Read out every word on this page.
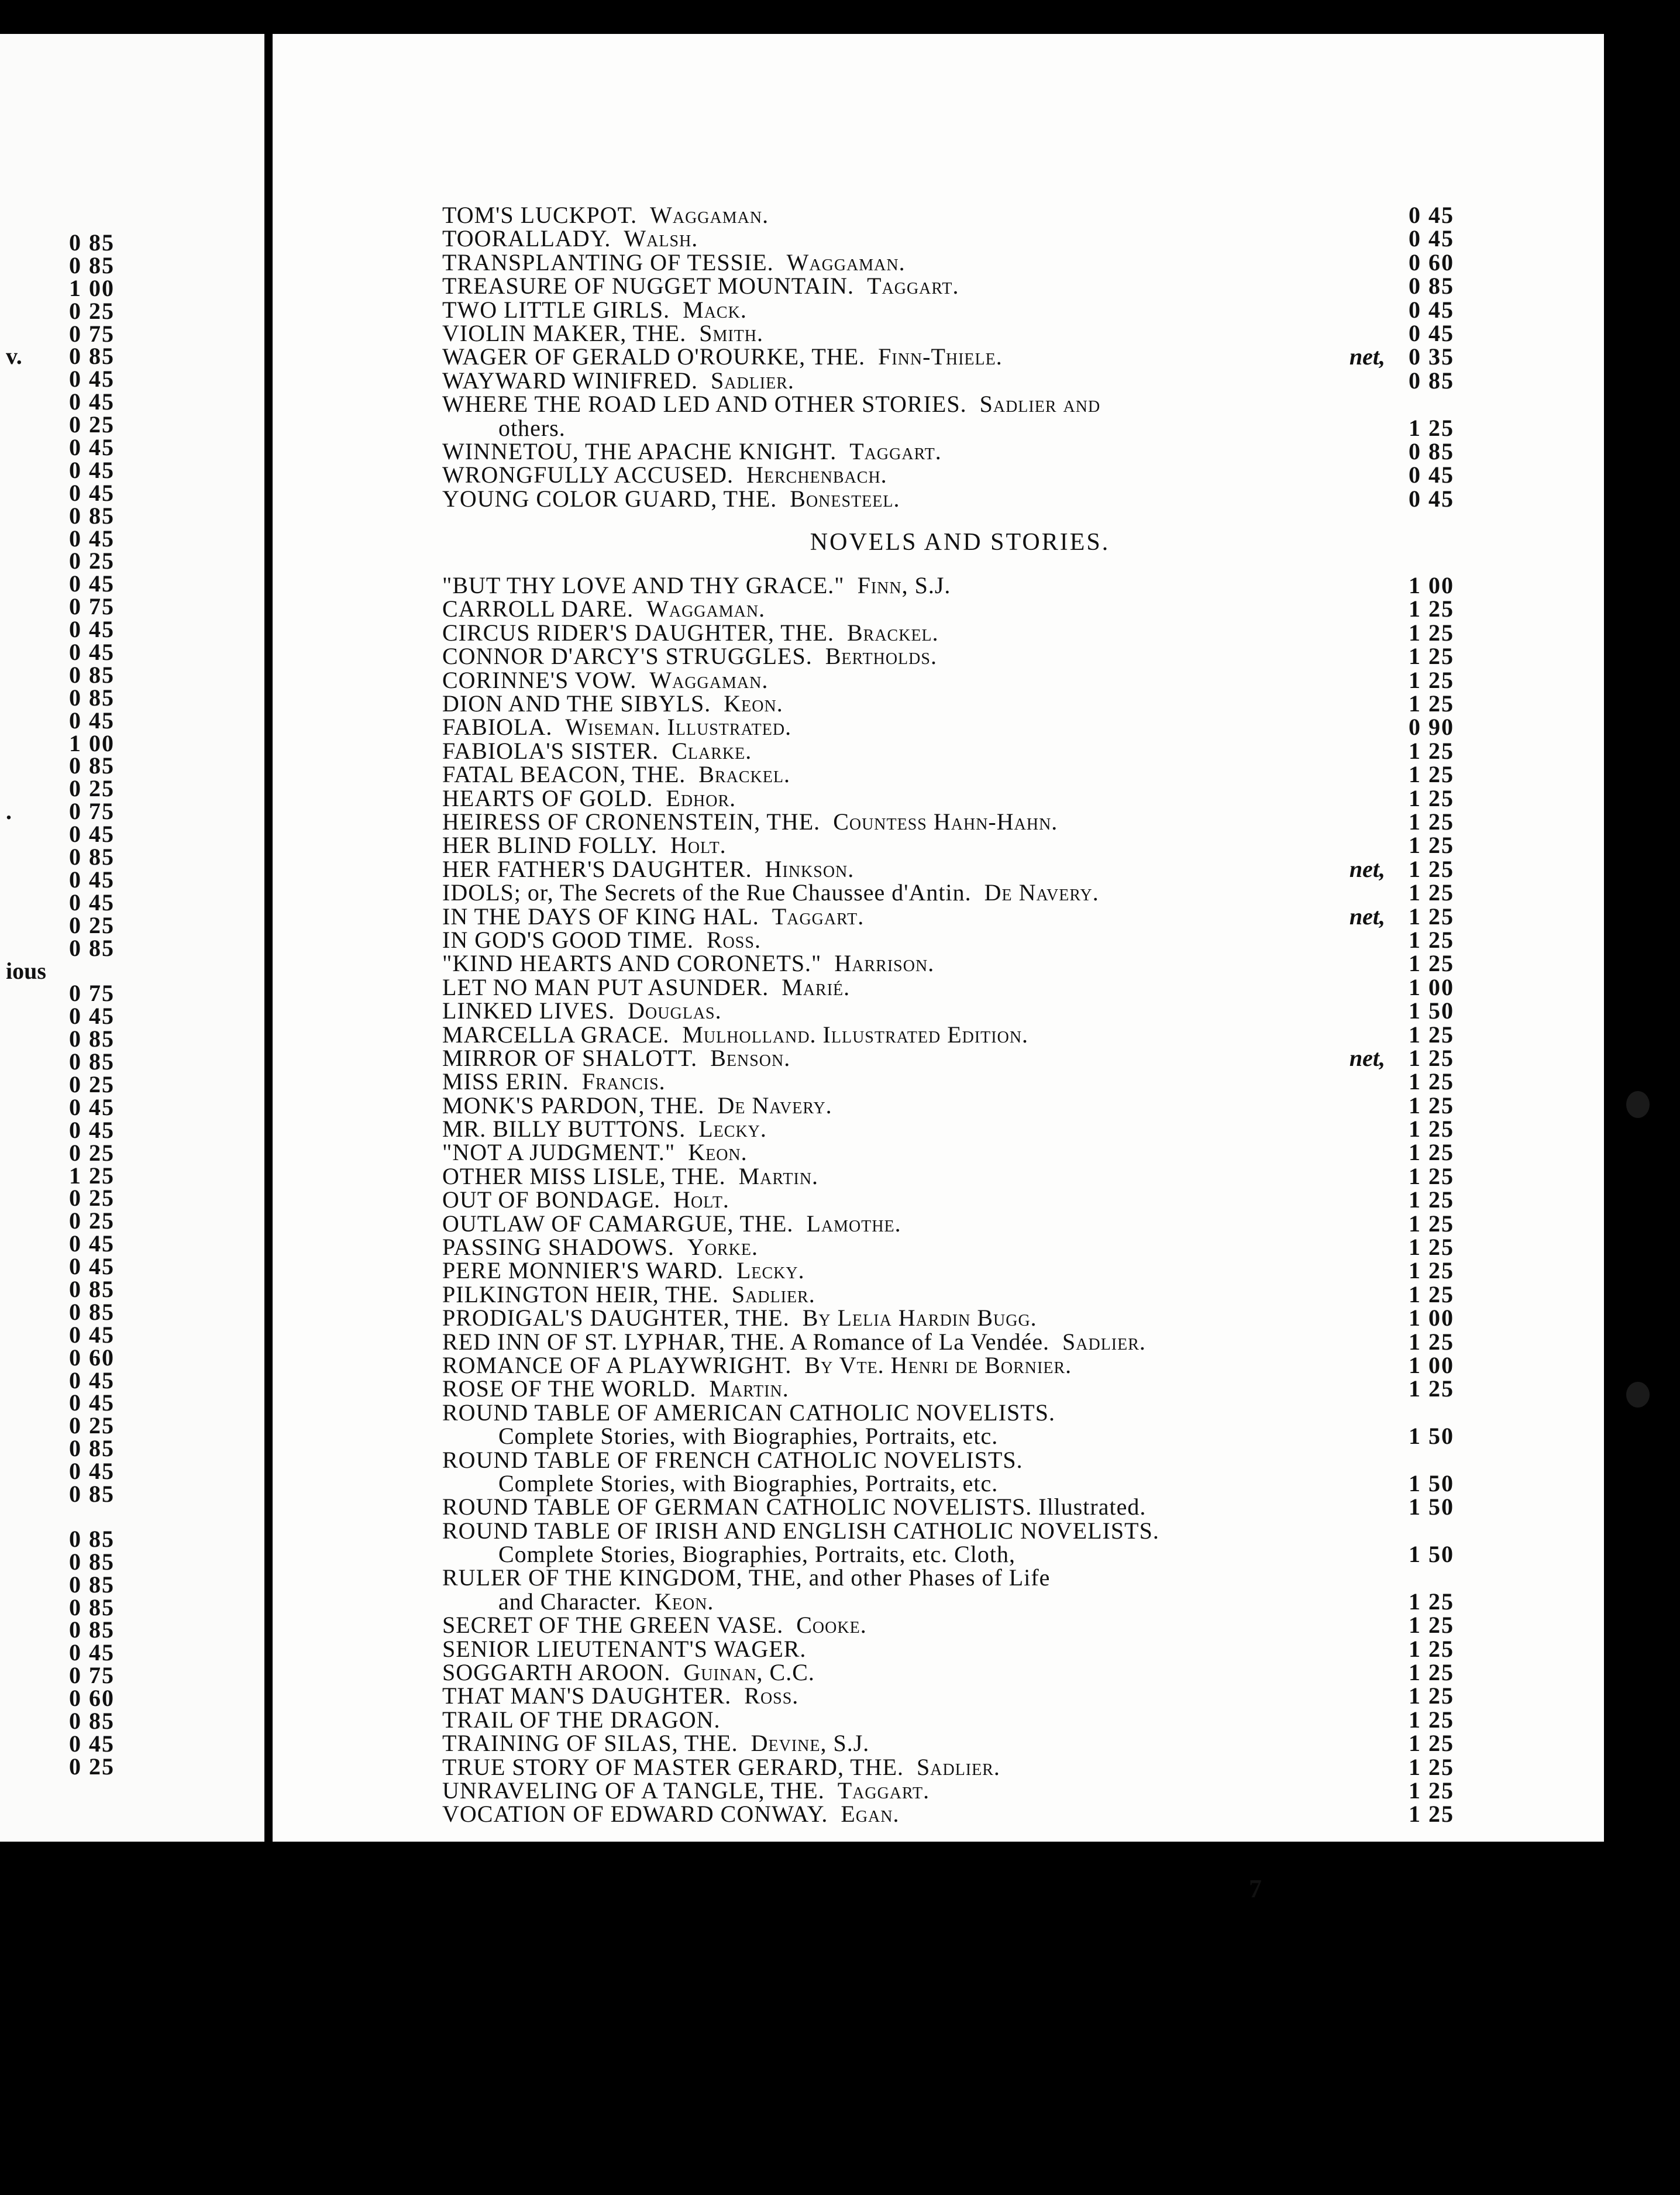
0 85
0 85
1 00
0 25
0 75
v. 0 85
0 45
0 45
0 25
0 45
0 45
0 45
0 85
0 45
0 25
0 45
0 75
0 45
0 45
0 85
0 85
0 45
1 00
0 85
0 25
. 0 75
0 45
0 85
0 45
0 45
0 25
0 85
ious
0 75
0 45
0 85
0 85
0 25
0 45
0 45
0 25
1 25
0 25
0 25
0 45
0 45
0 85
0 85
0 45
0 60
0 45
0 45
0 25
0 85
0 45
0 85
0 85
0 85
0 85
0 85
0 85
0 45
0 75
0 60
0 85
0 45
0 25
TOM'S LUCKPOT. Waggaman.	0 45
TOORALLADY. Walsh.	0 45
TRANSPLANTING OF TESSIE. Waggaman.	0 60
TREASURE OF NUGGET MOUNTAIN. Taggart.	0 85
TWO LITTLE GIRLS. Mack.	0 45
VIOLIN MAKER, THE. Smith.	0 45
WAGER OF GERALD O'ROURKE, THE. Finn-Thiele.	net, 0 35
WAYWARD WINIFRED. Sadlier.	0 85
WHERE THE ROAD LED AND OTHER STORIES. Sadlier and
others.	1 25
WINNETOU, THE APACHE KNIGHT. Taggart.	0 85
WRONGFULLY ACCUSED. Herchenbach.	0 45
YOUNG COLOR GUARD, THE. Bonesteel.	0 45
NOVELS AND STORIES.
"BUT THY LOVE AND THY GRACE." Finn, S.J.	1 00
CARROLL DARE. Waggaman.	1 25
CIRCUS RIDER'S DAUGHTER, THE. Brackel.	1 25
CONNOR D'ARCY'S STRUGGLES. Bertholds.	1 25
CORINNE'S VOW. Waggaman.	1 25
DION AND THE SIBYLS. Keon.	1 25
FABIOLA. Wiseman. Illustrated.	0 90
FABIOLA'S SISTER. Clarke.	1 25
FATAL BEACON, THE. Brackel.	1 25
HEARTS OF GOLD. Edhor.	1 25
HEIRESS OF CRONENSTEIN, THE. Countess Hahn-Hahn.	1 25
HER BLIND FOLLY. Holt.	1 25
HER FATHER'S DAUGHTER. Hinkson.	net, 1 25
IDOLS; or, The Secrets of the Rue Chaussee d'Antin. De Navery.	1 25
IN THE DAYS OF KING HAL. Taggart.	net, 1 25
IN GOD'S GOOD TIME. Ross.	1 25
"KIND HEARTS AND CORONETS." Harrison.	1 25
LET NO MAN PUT ASUNDER. Marié.	1 00
LINKED LIVES. Douglas.	1 50
MARCELLA GRACE. Mulholland. Illustrated Edition.	1 25
MIRROR OF SHALOTT. Benson.	net, 1 25
MISS ERIN. Francis.	1 25
MONK'S PARDON, THE. De Navery.	1 25
MR. BILLY BUTTONS. Lecky.	1 25
"NOT A JUDGMENT." Keon.	1 25
OTHER MISS LISLE, THE. Martin.	1 25
OUT OF BONDAGE. Holt.	1 25
OUTLAW OF CAMARGUE, THE. Lamothe.	1 25
PASSING SHADOWS. Yorke.	1 25
PERE MONNIER'S WARD. Lecky.	1 25
PILKINGTON HEIR, THE. Sadlier.	1 25
PRODIGAL'S DAUGHTER, THE. By Lelia Hardin Bugg.	1 00
RED INN OF ST. LYPHAR, THE. A Romance of La Vendée. Sadlier.	1 25
ROMANCE OF A PLAYWRIGHT. By Vte. Henri de Bornier.	1 00
ROSE OF THE WORLD. Martin.	1 25
ROUND TABLE OF AMERICAN CATHOLIC NOVELISTS.
Complete Stories, with Biographies, Portraits, etc.	1 50
ROUND TABLE OF FRENCH CATHOLIC NOVELISTS.
Complete Stories, with Biographies, Portraits, etc.	1 50
ROUND TABLE OF GERMAN CATHOLIC NOVELISTS. Illustrated.	1 50
ROUND TABLE OF IRISH AND ENGLISH CATHOLIC NOVELISTS.
Complete Stories, Biographies, Portraits, etc. Cloth,	1 50
RULER OF THE KINGDOM, THE, and other Phases of Life
and Character. Keon.	1 25
SECRET OF THE GREEN VASE. Cooke.	1 25
SENIOR LIEUTENANT'S WAGER.	1 25
SOGGARTH AROON. Guinan, C.C.	1 25
THAT MAN'S DAUGHTER. Ross.	1 25
TRAIL OF THE DRAGON.	1 25
TRAINING OF SILAS, THE. Devine, S.J.	1 25
TRUE STORY OF MASTER GERARD, THE. Sadlier.	1 25
UNRAVELING OF A TANGLE, THE. Taggart.	1 25
VOCATION OF EDWARD CONWAY. Egan.	1 25
7
